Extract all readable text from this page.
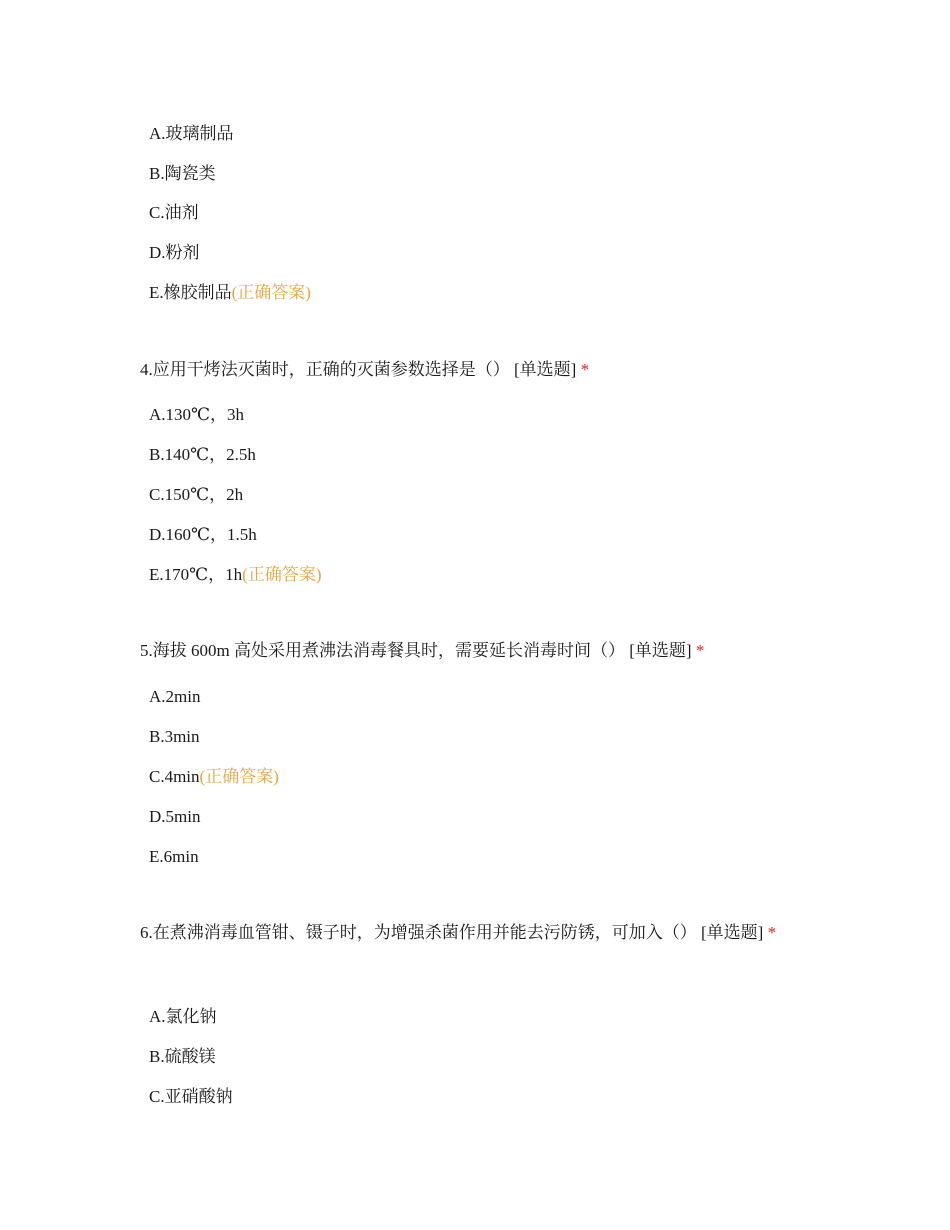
A.玻璃制品
B.陶瓷类
C.油剂
D.粉剂
E.橡胶制品(正确答案)
4.应用干烤法灭菌时，正确的灭菌参数选择是（） [单选题] *
A.130℃，3h
B.140℃，2.5h
C.150℃，2h
D.160℃，1.5h
E.170℃，1h(正确答案)
5.海拔 600m 高处采用煮沸法消毒餐具时，需要延长消毒时间（） [单选题] *
A.2min
B.3min
C.4min(正确答案)
D.5min
E.6min
6.在煮沸消毒血管钳、镊子时，为增强杀菌作用并能去污防锈，可加入（） [单选题] *
A.氯化钠
B.硫酸镁
C.亚硝酸钠
